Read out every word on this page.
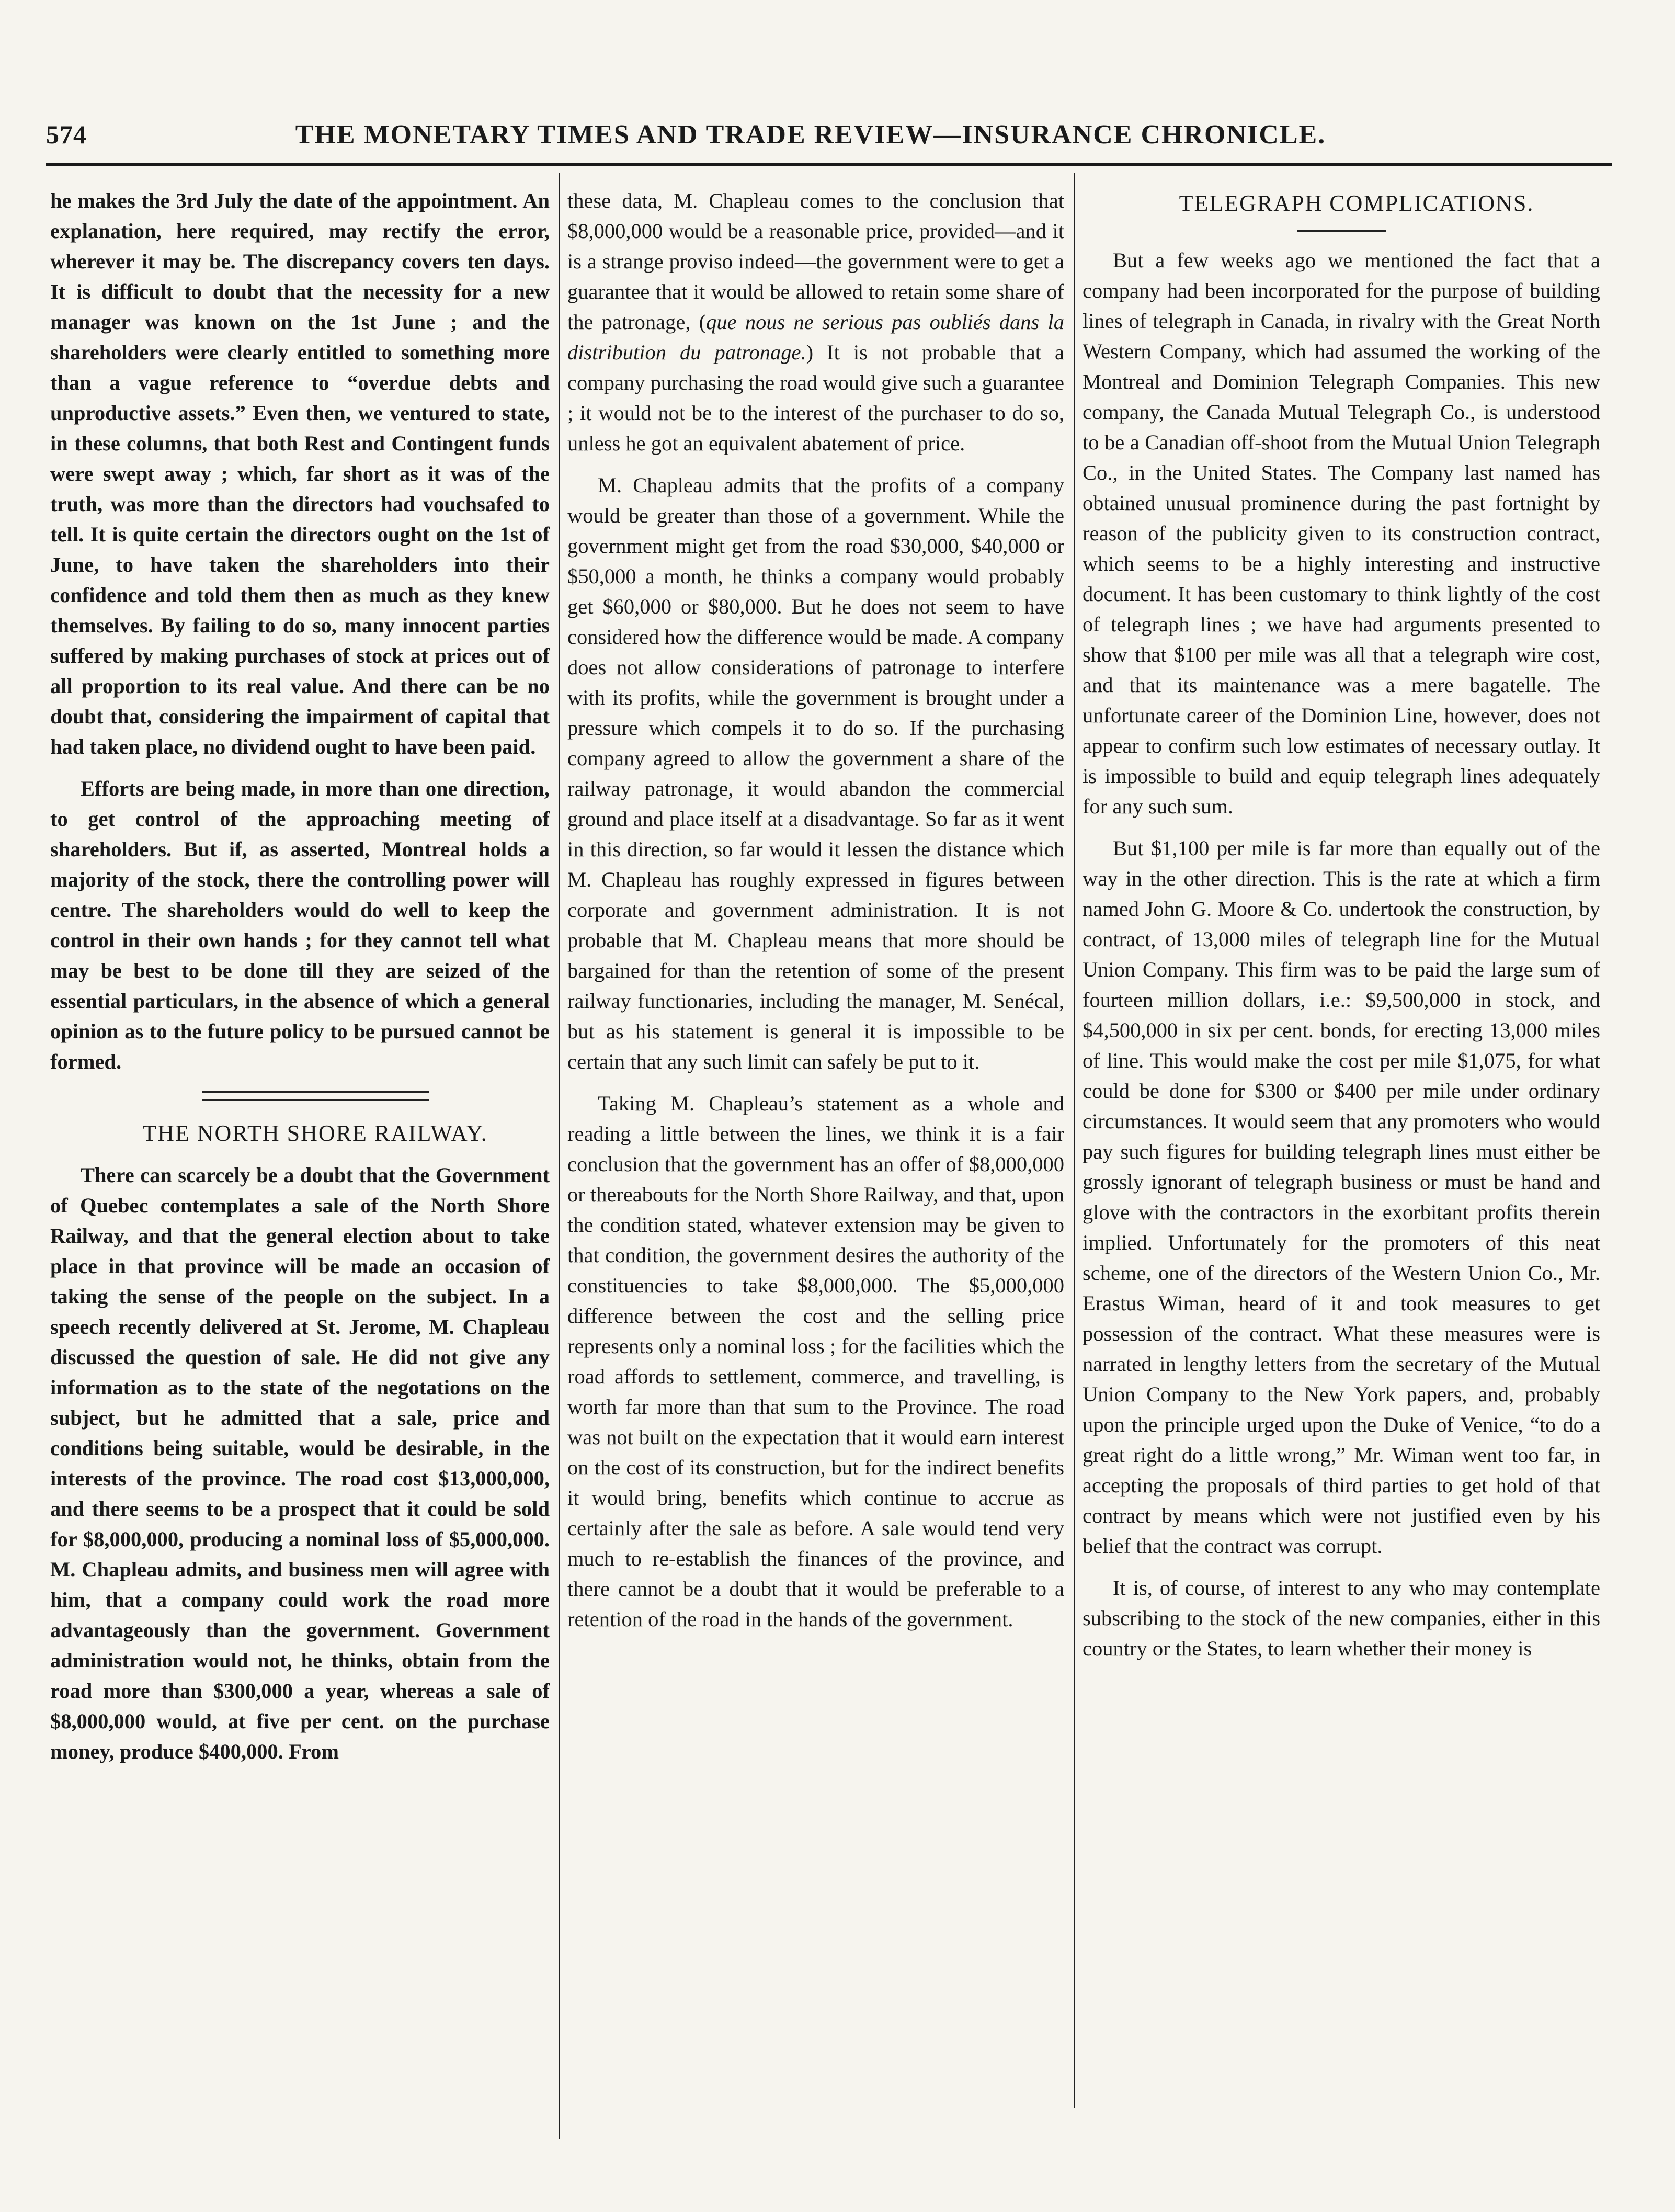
574	THE MONETARY TIMES AND TRADE REVIEW—INSURANCE CHRONICLE.

he makes the 3rd July the date of the appointment. An explanation, here required, may rectify the error, wherever it may be. The discrepancy covers ten days. It is difficult to doubt that the necessity for a new manager was known on the 1st June ; and the shareholders were clearly entitled to something more than a vague reference to “overdue debts and unproductive assets.” Even then, we ventured to state, in these columns, that both Rest and Contingent funds were swept away ; which, far short as it was of the truth, was more than the directors had vouchsafed to tell. It is quite certain the directors ought on the 1st of June, to have taken the shareholders into their confidence and told them then as much as they knew themselves. By failing to do so, many innocent parties suffered by making purchases of stock at prices out of all proportion to its real value. And there can be no doubt that, considering the impairment of capital that had taken place, no dividend ought to have been paid.

Efforts are being made, in more than one direction, to get control of the approaching meeting of shareholders. But if, as asserted, Montreal holds a majority of the stock, there the controlling power will centre. The shareholders would do well to keep the control in their own hands ; for they cannot tell what may be best to be done till they are seized of the essential particulars, in the absence of which a general opinion as to the future policy to be pursued cannot be formed.

THE NORTH SHORE RAILWAY.

There can scarcely be a doubt that the Government of Quebec contemplates a sale of the North Shore Railway, and that the general election about to take place in that province will be made an occasion of taking the sense of the people on the subject. In a speech recently delivered at St. Jerome, M. Chapleau discussed the question of sale. He did not give any information as to the state of the negotations on the subject, but he admitted that a sale, price and conditions being suitable, would be desirable, in the interests of the province. The road cost $13,000,000, and there seems to be a prospect that it could be sold for $8,000,000, producing a nominal loss of $5,000,000. M. Chapleau admits, and business men will agree with him, that a company could work the road more advantageously than the government. Government administration would not, he thinks, obtain from the road more than $300,000 a year, whereas a sale of $8,000,000 would, at five per cent. on the purchase money, produce $400,000. From

these data, M. Chapleau comes to the conclusion that $8,000,000 would be a reasonable price, provided—and it is a strange proviso indeed—the government were to get a guarantee that it would be allowed to retain some share of the patronage, (que nous ne serious pas oubliés dans la distribution du patronage.) It is not probable that a company purchasing the road would give such a guarantee ; it would not be to the interest of the purchaser to do so, unless he got an equivalent abatement of price.

M. Chapleau admits that the profits of a company would be greater than those of a government. While the government might get from the road $30,000, $40,000 or $50,000 a month, he thinks a company would probably get $60,000 or $80,000. But he does not seem to have considered how the difference would be made. A company does not allow considerations of patronage to interfere with its profits, while the government is brought under a pressure which compels it to do so. If the purchasing company agreed to allow the government a share of the railway patronage, it would abandon the commercial ground and place itself at a disadvantage. So far as it went in this direction, so far would it lessen the distance which M. Chapleau has roughly expressed in figures between corporate and government administration. It is not probable that M. Chapleau means that more should be bargained for than the retention of some of the present railway functionaries, including the manager, M. Senécal, but as his statement is general it is impossible to be certain that any such limit can safely be put to it.

Taking M. Chapleau’s statement as a whole and reading a little between the lines, we think it is a fair conclusion that the government has an offer of $8,000,000 or thereabouts for the North Shore Railway, and that, upon the condition stated, whatever extension may be given to that condition, the government desires the authority of the constituencies to take $8,000,000. The $5,000,000 difference between the cost and the selling price represents only a nominal loss ; for the facilities which the road affords to settlement, commerce, and travelling, is worth far more than that sum to the Province. The road was not built on the expectation that it would earn interest on the cost of its construction, but for the indirect benefits it would bring, benefits which continue to accrue as certainly after the sale as before. A sale would tend very much to re-establish the finances of the province, and there cannot be a doubt that it would be preferable to a retention of the road in the hands of the government.

TELEGRAPH COMPLICATIONS.

But a few weeks ago we mentioned the fact that a company had been incorporated for the purpose of building lines of telegraph in Canada, in rivalry with the Great North Western Company, which had assumed the working of the Montreal and Dominion Telegraph Companies. This new company, the Canada Mutual Telegraph Co., is understood to be a Canadian off-shoot from the Mutual Union Telegraph Co., in the United States. The Company last named has obtained unusual prominence during the past fortnight by reason of the publicity given to its construction contract, which seems to be a highly interesting and instructive document. It has been customary to think lightly of the cost of telegraph lines ; we have had arguments presented to show that $100 per mile was all that a telegraph wire cost, and that its maintenance was a mere bagatelle. The unfortunate career of the Dominion Line, however, does not appear to confirm such low estimates of necessary outlay. It is impossible to build and equip telegraph lines adequately for any such sum.

But $1,100 per mile is far more than equally out of the way in the other direction. This is the rate at which a firm named John G. Moore & Co. undertook the construction, by contract, of 13,000 miles of telegraph line for the Mutual Union Company. This firm was to be paid the large sum of fourteen million dollars, i.e.: $9,500,000 in stock, and $4,500,000 in six per cent. bonds, for erecting 13,000 miles of line. This would make the cost per mile $1,075, for what could be done for $300 or $400 per mile under ordinary circumstances. It would seem that any promoters who would pay such figures for building telegraph lines must either be grossly ignorant of telegraph business or must be hand and glove with the contractors in the exorbitant profits therein implied. Unfortunately for the promoters of this neat scheme, one of the directors of the Western Union Co., Mr. Erastus Wiman, heard of it and took measures to get possession of the contract. What these measures were is narrated in lengthy letters from the secretary of the Mutual Union Company to the New York papers, and, probably upon the principle urged upon the Duke of Venice, “to do a great right do a little wrong,” Mr. Wiman went too far, in accepting the proposals of third parties to get hold of that contract by means which were not justified even by his belief that the contract was corrupt.

It is, of course, of interest to any who may contemplate subscribing to the stock of the new companies, either in this country or the States, to learn whether their money is
